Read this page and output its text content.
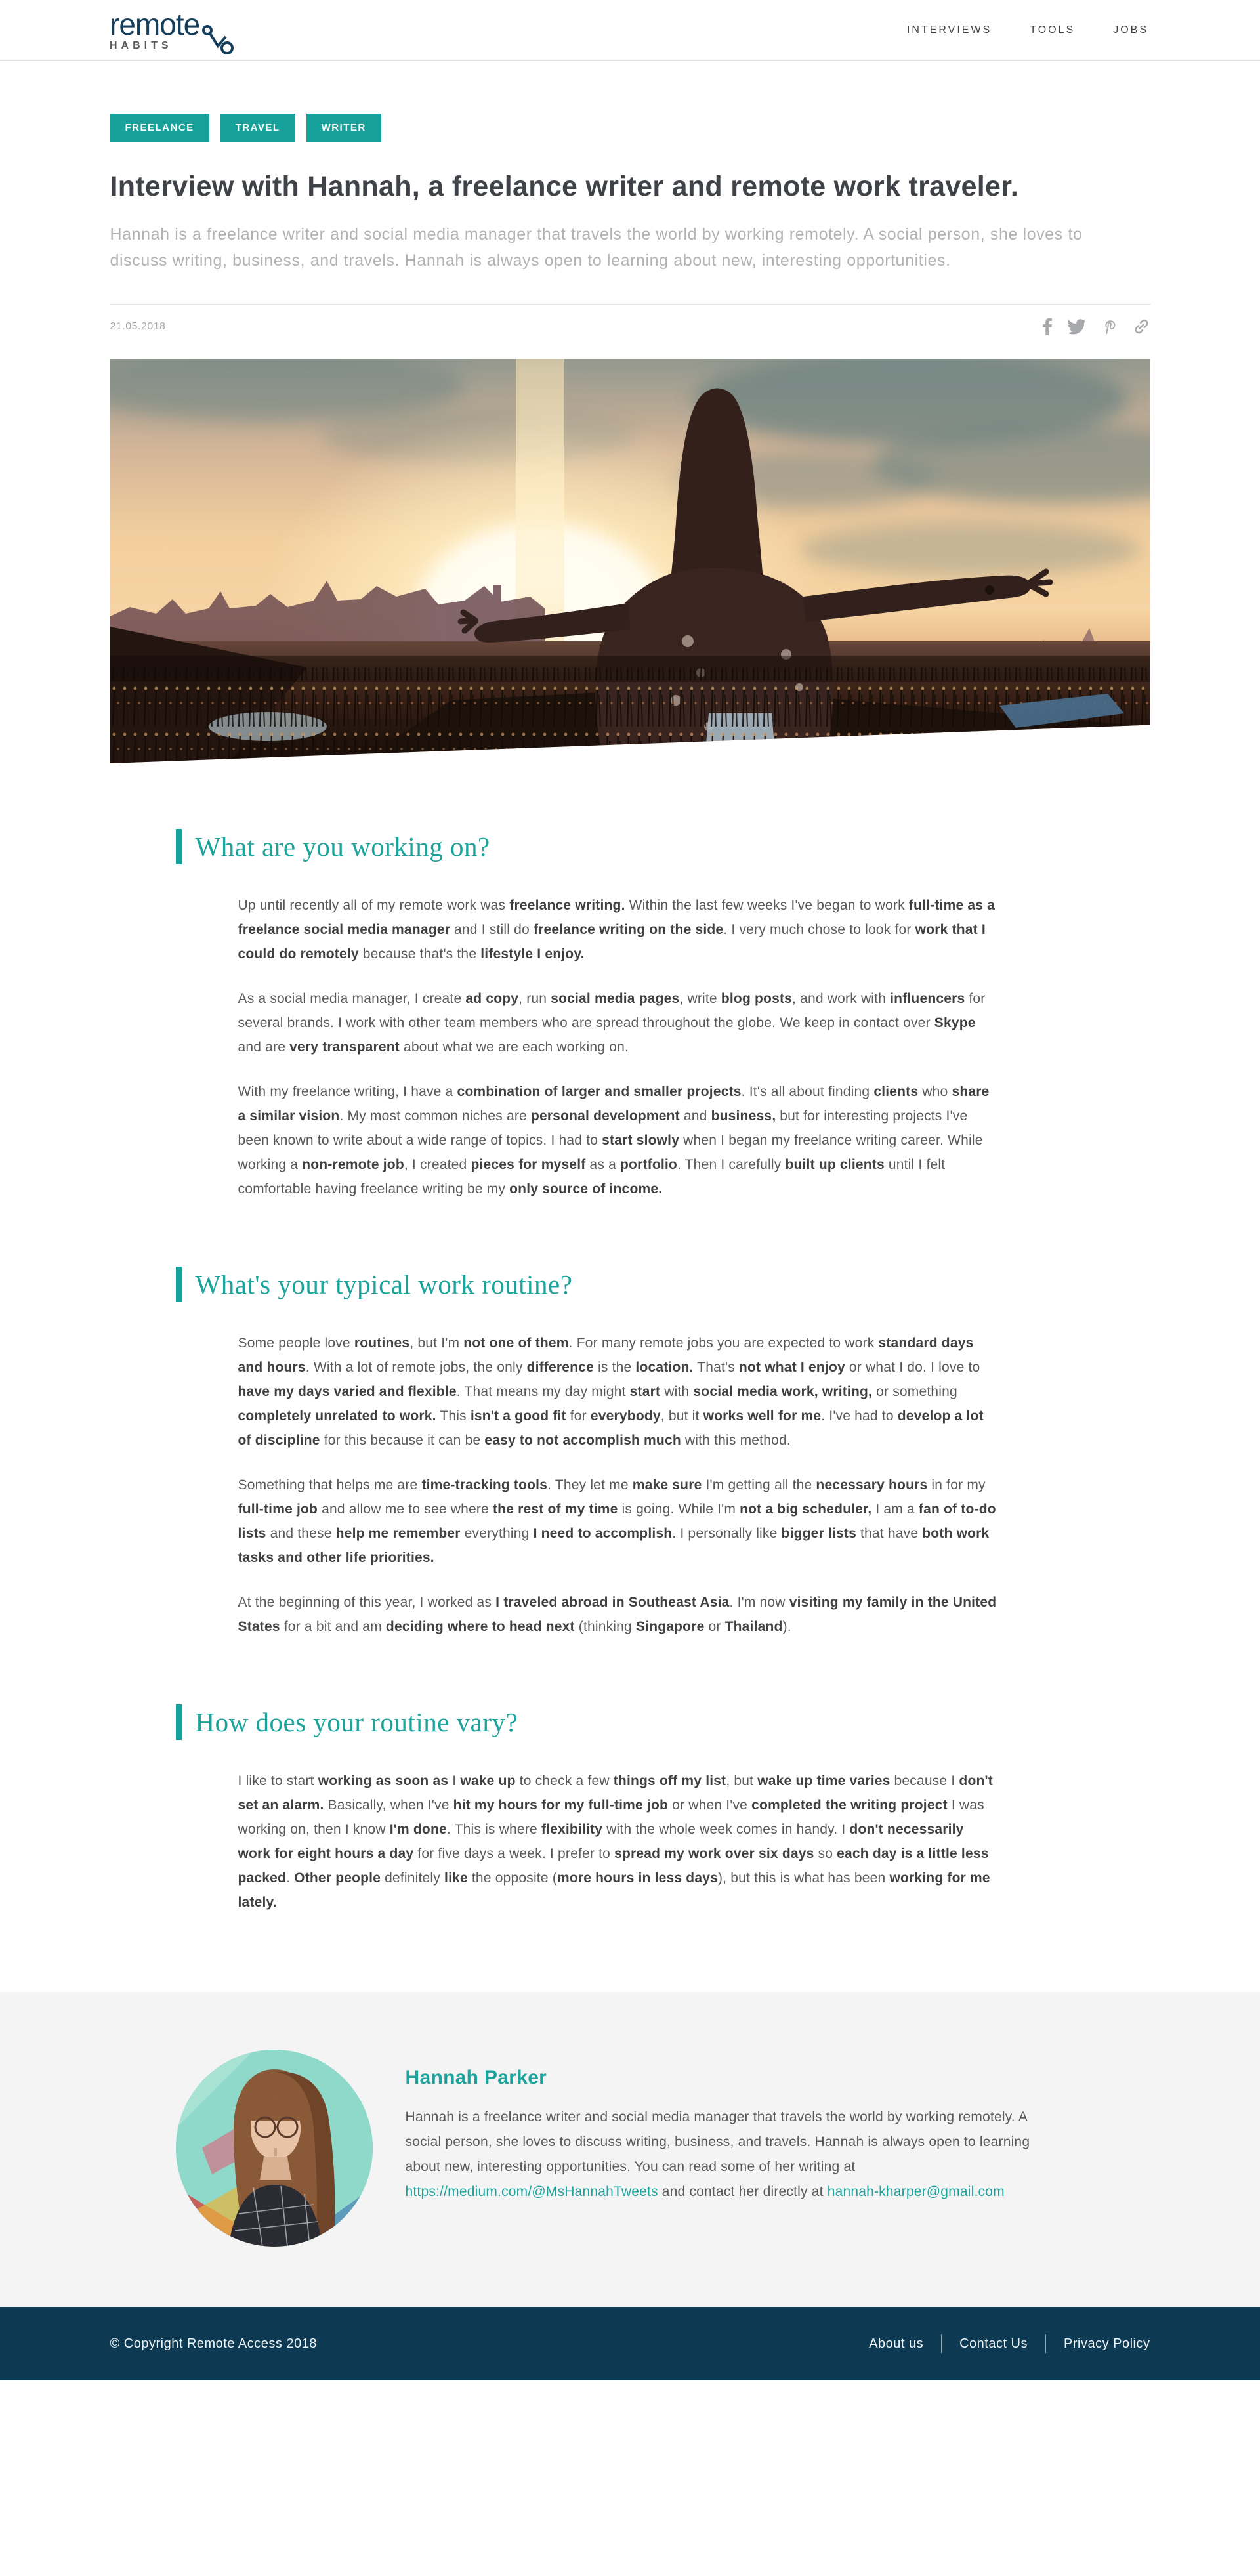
remote
HABITS
INTERVIEWS	TOOLS	JOBS
FREELANCE	TRAVEL	WRITER
Interview with Hannah, a freelance writer and remote work traveler.
Hannah is a freelance writer and social media manager that travels the world by working remotely. A social person, she loves to discuss writing, business, and travels. Hannah is always open to learning about new, interesting opportunities.
21.05.2018
What are you working on?

Up until recently all of my remote work was freelance writing. Within the last few weeks I've began to work full-time as a freelance social media manager and I still do freelance writing on the side. I very much chose to look for work that I could do remotely because that's the lifestyle I enjoy.

As a social media manager, I create ad copy, run social media pages, write blog posts, and work with influencers for several brands. I work with other team members who are spread throughout the globe. We keep in contact over Skype and are very transparent about what we are each working on.

With my freelance writing, I have a combination of larger and smaller projects. It's all about finding clients who share a similar vision. My most common niches are personal development and business, but for interesting projects I've been known to write about a wide range of topics. I had to start slowly when I began my freelance writing career. While working a non-remote job, I created pieces for myself as a portfolio. Then I carefully built up clients until I felt comfortable having freelance writing be my only source of income.

What's your typical work routine?

Some people love routines, but I'm not one of them. For many remote jobs you are expected to work standard days and hours. With a lot of remote jobs, the only difference is the location. That's not what I enjoy or what I do. I love to have my days varied and flexible. That means my day might start with social media work, writing, or something completely unrelated to work. This isn't a good fit for everybody, but it works well for me. I've had to develop a lot of discipline for this because it can be easy to not accomplish much with this method.

Something that helps me are time-tracking tools. They let me make sure I'm getting all the necessary hours in for my full-time job and allow me to see where the rest of my time is going. While I'm not a big scheduler, I am a fan of to-do lists and these help me remember everything I need to accomplish. I personally like bigger lists that have both work tasks and other life priorities.

At the beginning of this year, I worked as I traveled abroad in Southeast Asia. I'm now visiting my family in the United States for a bit and am deciding where to head next (thinking Singapore or Thailand).

How does your routine vary?

I like to start working as soon as I wake up to check a few things off my list, but wake up time varies because I don't set an alarm. Basically, when I've hit my hours for my full-time job or when I've completed the writing project I was working on, then I know I'm done. This is where flexibility with the whole week comes in handy. I don't necessarily work for eight hours a day for five days a week. I prefer to spread my work over six days so each day is a little less packed. Other people definitely like the opposite (more hours in less days), but this is what has been working for me lately.

Hannah Parker
Hannah is a freelance writer and social media manager that travels the world by working remotely. A social person, she loves to discuss writing, business, and travels. Hannah is always open to learning about new, interesting opportunities. You can read some of her writing at https://medium.com/@MsHannahTweets and contact her directly at hannah-kharper@gmail.com
© Copyright Remote Access 2018	About us	Contact Us	Privacy Policy
